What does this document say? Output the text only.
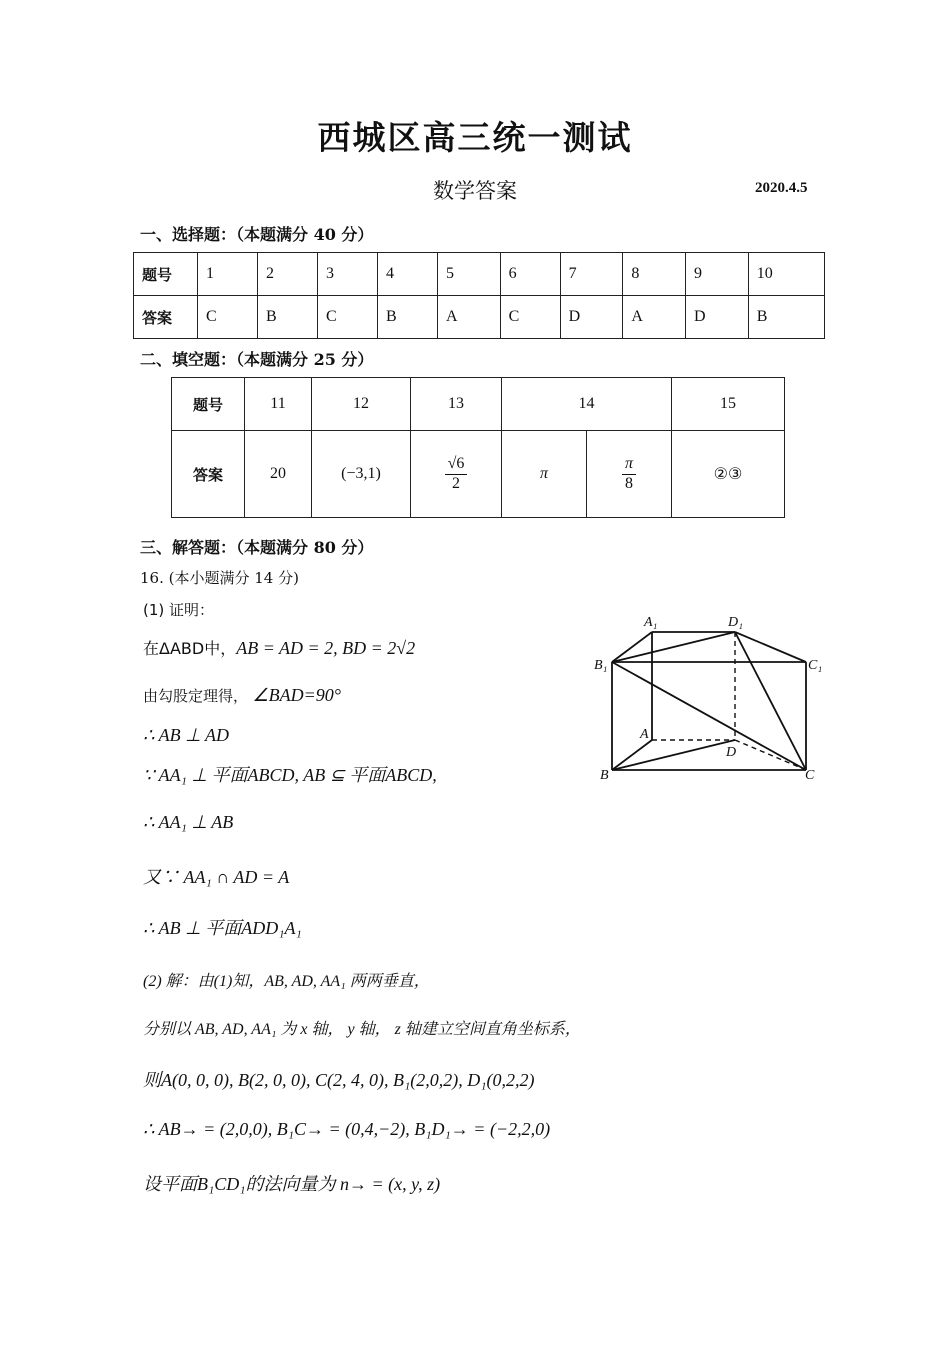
西城区高三统一测试
数学答案	2020.4.5
一、选择题：（本题满分 40 分）
题号	1	2	3	4	5	6	7	8	9	10
答案	C	B	C	B	A	C	D	A	D	B
二、填空题：（本题满分 25 分）
题号	11	12	13	14		15
答案	20	(−3,1)	$\frac{√6}{2}$	π	$\frac{\pi}{8}$	②③
三、解答题：（本题满分 80 分）
16. (本小题满分 14 分)
(1) 证明：
在ΔABD中，AB = AD = 2, BD = 2√2
由勾股定理得， ∠BAD=90°
∴ AB ⊥ AD
∵ AA₁ ⊥ 平面ABCD, AB ⊆ 平面ABCD,
∴ AA₁ ⊥ AB
又∵ AA₁ ∩ AD = A
∴ AB ⊥ 平面ADD₁A₁
(2) 解：由(1)知，AB, AD, AA₁ 两两垂直，
分别以 AB, AD, AA₁ 为 x 轴， y 轴， z 轴建立空间直角坐标系，
则A(0, 0, 0), B(2, 0, 0), C(2, 4, 0), B₁(2,0,2), D₁(0,2,2)
∴ AB→ = (2,0,0), B₁C→ = (0,4,−2), B₁D₁→ = (−2,2,0)
设平面B₁CD₁的法向量为 n→ = (x, y, z)
A₁	D₁
B₁	C₁
A
D
B	C
